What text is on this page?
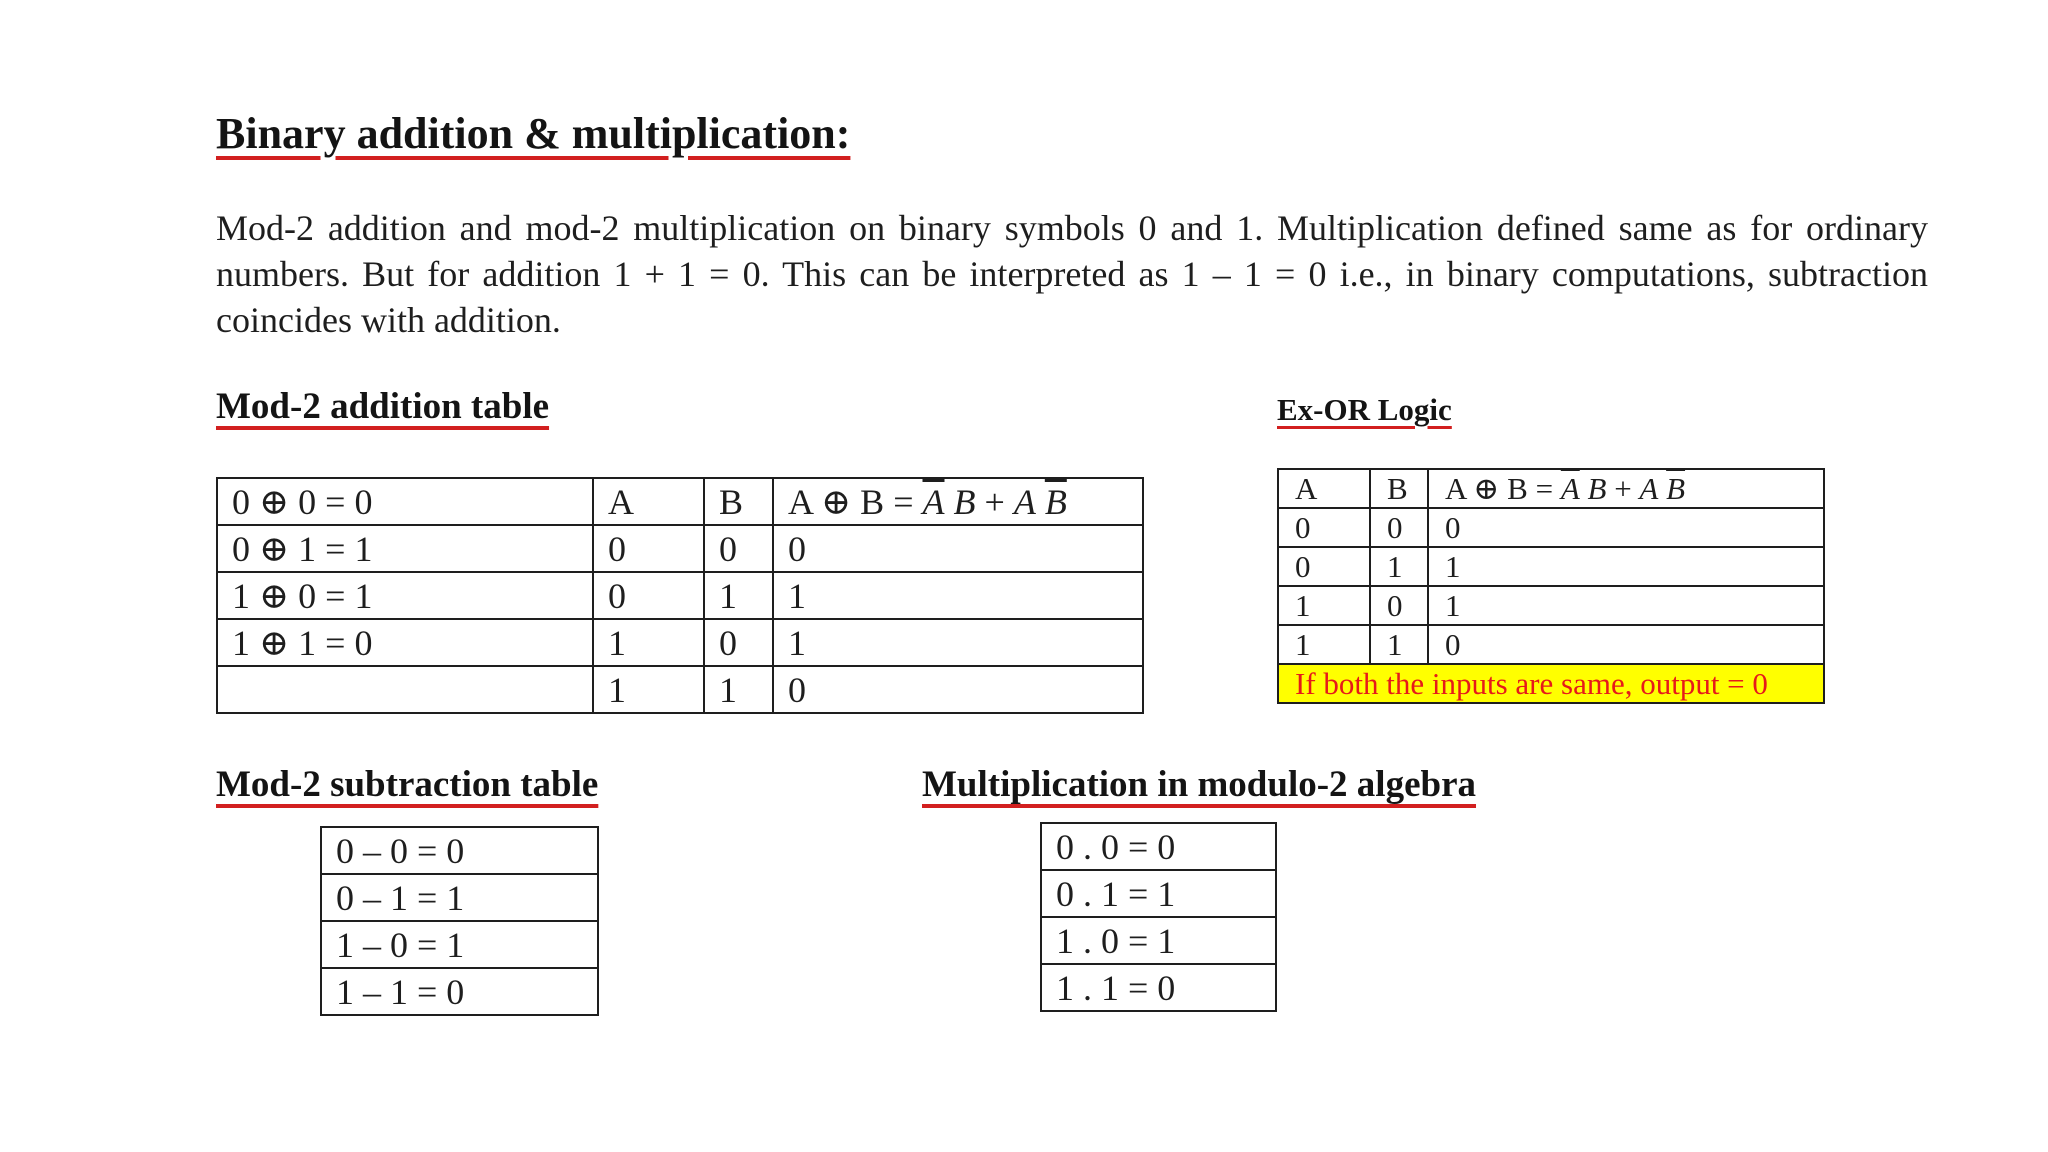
Binary addition & multiplication:
Mod-2 addition and mod-2 multiplication on binary symbols 0 and 1. Multiplication defined same as for ordinary numbers. But for addition 1 + 1 = 0. This can be interpreted as 1 – 1 = 0 i.e., in binary computations, subtraction coincides with addition.
Mod-2 addition table
0 ⊕ 0 = 0	A	B	A ⊕ $B = \overline{A}$ B + A $\overline{B}$
0 ⊕ 1 = 1	0	0	0
1 ⊕ 0 = 1	0	1	1
1 ⊕ 1 = 0	1	0	1
	1	1	0
Ex-OR Logic
A	B	A ⊕ $B = \overline{A}$ B + A $\overline{B}$
0	0	0
0	1	1
1	0	1
1	1	0
If both the inputs are same, output = 0		
Mod-2 subtraction table
0 – 0 = 0
0 – 1 = 1
1 – 0 = 1
1 – 1 = 0
Multiplication in modulo-2 algebra
0 . 0 = 0
0 . 1 = 1
1 . 0 = 1
1 . 1 = 0
